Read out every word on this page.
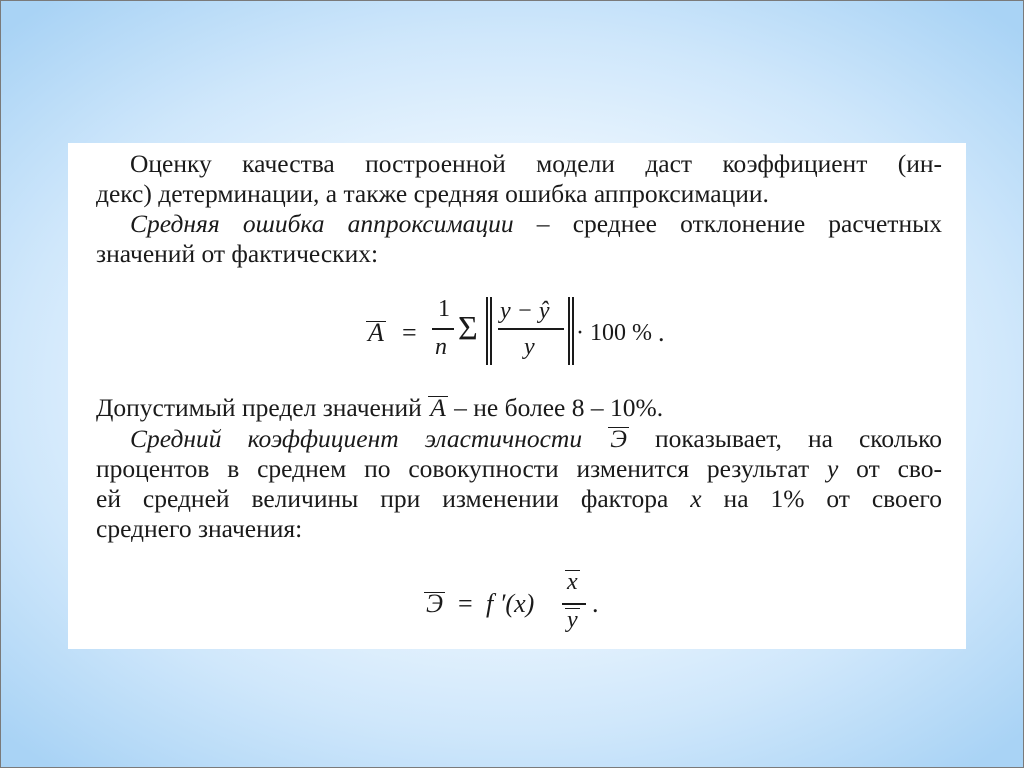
Оценку качества построенной модели даст коэффициент (ин-

декс) детерминации, а также средняя ошибка аппроксимации.

Средняя ошибка аппроксимации – среднее отклонение расчетных

значений от фактических:

A =
1
n Σ y − ŷ
y
· 100 % .

Допустимый предел значений A – не более 8 – 10%.

Средний коэффициент эластичности Э показывает, на сколько

процентов в среднем по совокупности изменится результат y от сво-

ей средней величины при изменении фактора x на 1% от своего

среднего значения:

Э = f ′(x)
x
y
.
